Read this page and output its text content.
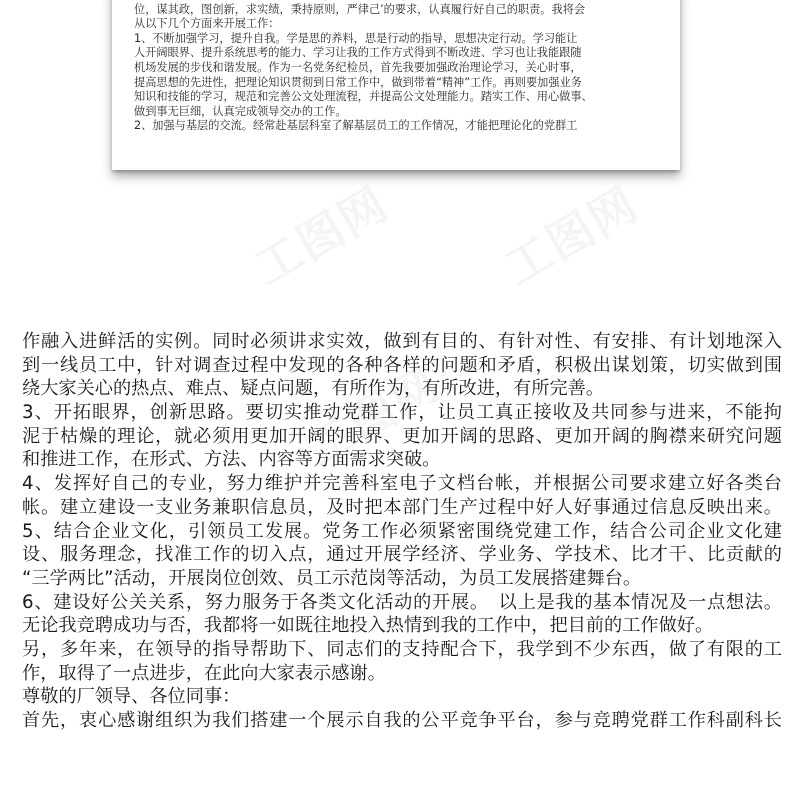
位，谋其政，图创新，求实绩，秉持原则，严律己’的要求，认真履行好自己的职责。我将会
从以下几个方面来开展工作：
1、不断加强学习，提升自我。学是思的养料，思是行动的指导，思想决定行动。学习能让
人开阔眼界、提升系统思考的能力、学习让我的工作方式得到不断改进、学习也让我能跟随
机场发展的步伐和谐发展。作为一名党务纪检员，首先我要加强政治理论学习，关心时事，
提高思想的先进性，把理论知识贯彻到日常工作中，做到带着“精神”工作。再则要加强业务
知识和技能的学习，规范和完善公文处理流程，并提高公文处理能力。踏实工作、用心做事、
做到事无巨细，认真完成领导交办的工作。
2、加强与基层的交流。经常赴基层科室了解基层员工的工作情况，才能把理论化的党群工
作融入进鲜活的实例。同时必须讲求实效，做到有目的、有针对性、有安排、有计划地深入
到一线员工中，针对调查过程中发现的各种各样的问题和矛盾，积极出谋划策，切实做到围
绕大家关心的热点、难点、疑点问题，有所作为，有所改进，有所完善。
3、开拓眼界，创新思路。要切实推动党群工作，让员工真正接收及共同参与进来，不能拘
泥于枯燥的理论，就必须用更加开阔的眼界、更加开阔的思路、更加开阔的胸襟来研究问题
和推进工作，在形式、方法、内容等方面需求突破。
4、发挥好自己的专业，努力维护并完善科室电子文档台帐，并根据公司要求建立好各类台
帐。建立建设一支业务兼职信息员，及时把本部门生产过程中好人好事通过信息反映出来。
5、结合企业文化，引领员工发展。党务工作必须紧密围绕党建工作，结合公司企业文化建
设、服务理念，找准工作的切入点，通过开展学经济、学业务、学技术、比才干、比贡献的
“三学两比”活动，开展岗位创效、员工示范岗等活动，为员工发展搭建舞台。
6、建设好公关关系，努力服务于各类文化活动的开展。　以上是我的基本情况及一点想法。
无论我竞聘成功与否，我都将一如既往地投入热情到我的工作中，把目前的工作做好。
另，多年来，在领导的指导帮助下、同志们的支持配合下，我学到不少东西，做了有限的工
作，取得了一点进步，在此向大家表示感谢。
尊敬的厂领导、各位同事：
首先，衷心感谢组织为我们搭建一个展示自我的公平竞争平台，参与竞聘党群工作科副科长
